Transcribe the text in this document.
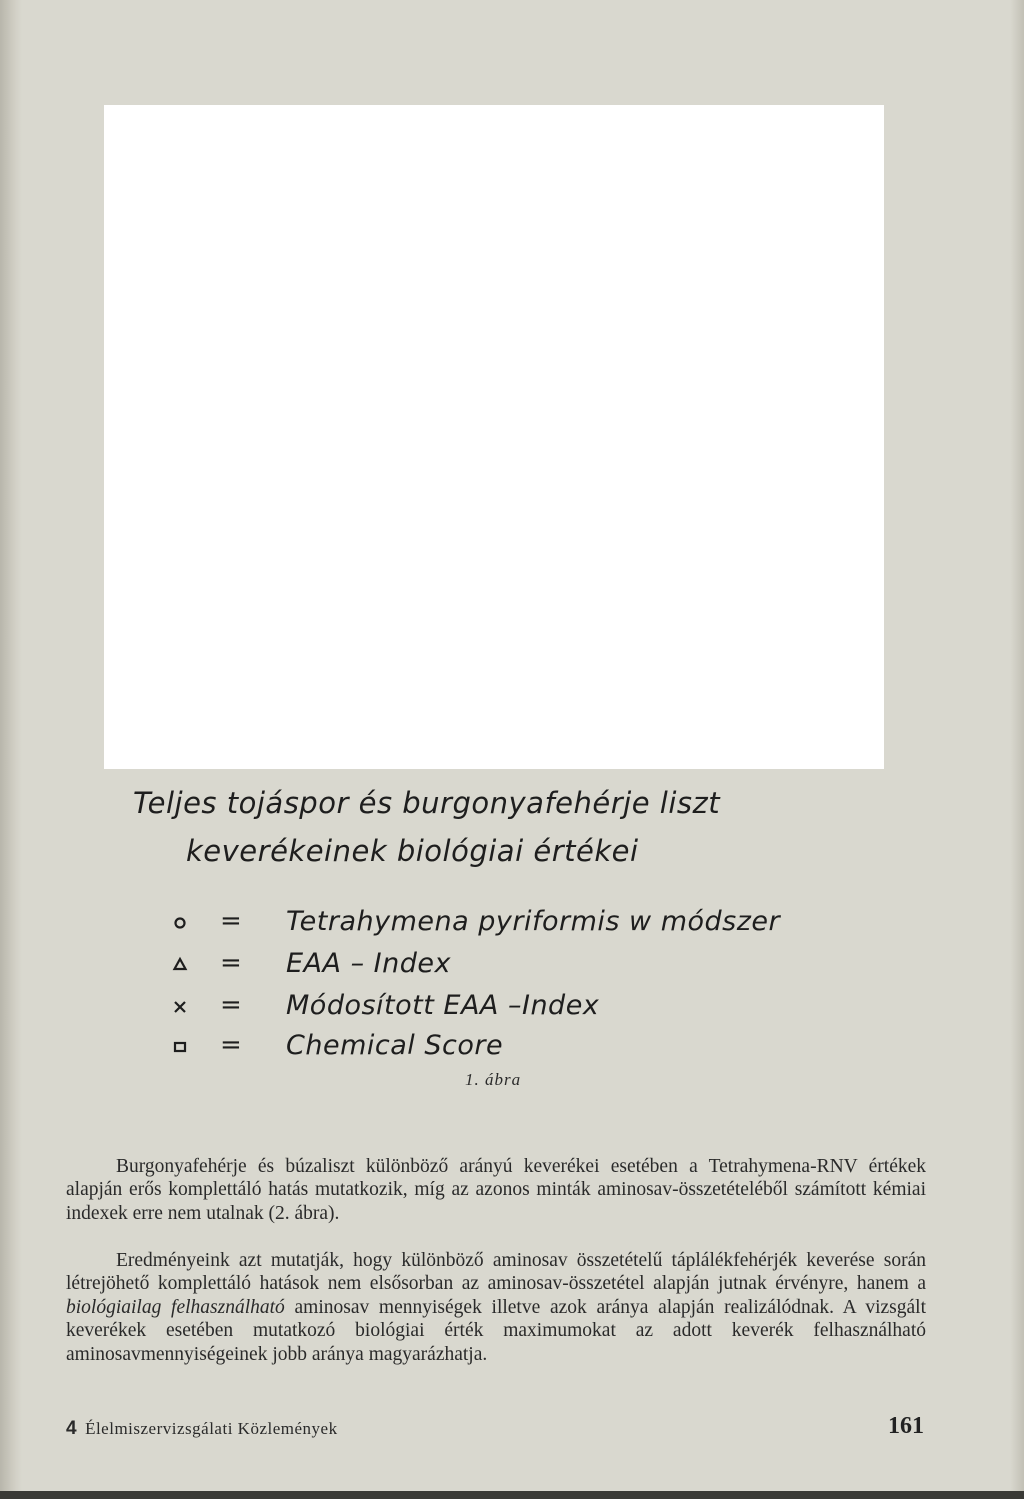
Teljes tojáspor és burgonyafehérje liszt
keverékeinek biológiai értékei
= Tetrahymena pyriformis w módszer
= EAA – Index
= Módosított EAA –Index
= Chemical Score
1. ábra

Burgonyafehérje és búzaliszt különböző arányú keverékei esetében a Tetrahymena-RNV értékek alapján erős komplettáló hatás mutatkozik, míg az azonos minták aminosav-összetételéből számított kémiai indexek erre nem utalnak (2. ábra).

Eredményeink azt mutatják, hogy különböző aminosav összetételű táplálékfehérjék keverése során létrejöhető komplettáló hatások nem elsősorban az aminosav-összetétel alapján jutnak érvényre, hanem a biológiailag felhasználható aminosav mennyiségek illetve azok aránya alapján realizálódnak. A vizsgált keverékek esetében mutatkozó biológiai érték maximumokat az adott keverék felhasználható aminosavmennyiségeinek jobb aránya magyarázhatja.

4 Élelmiszervizsgálati Közlemények	161
